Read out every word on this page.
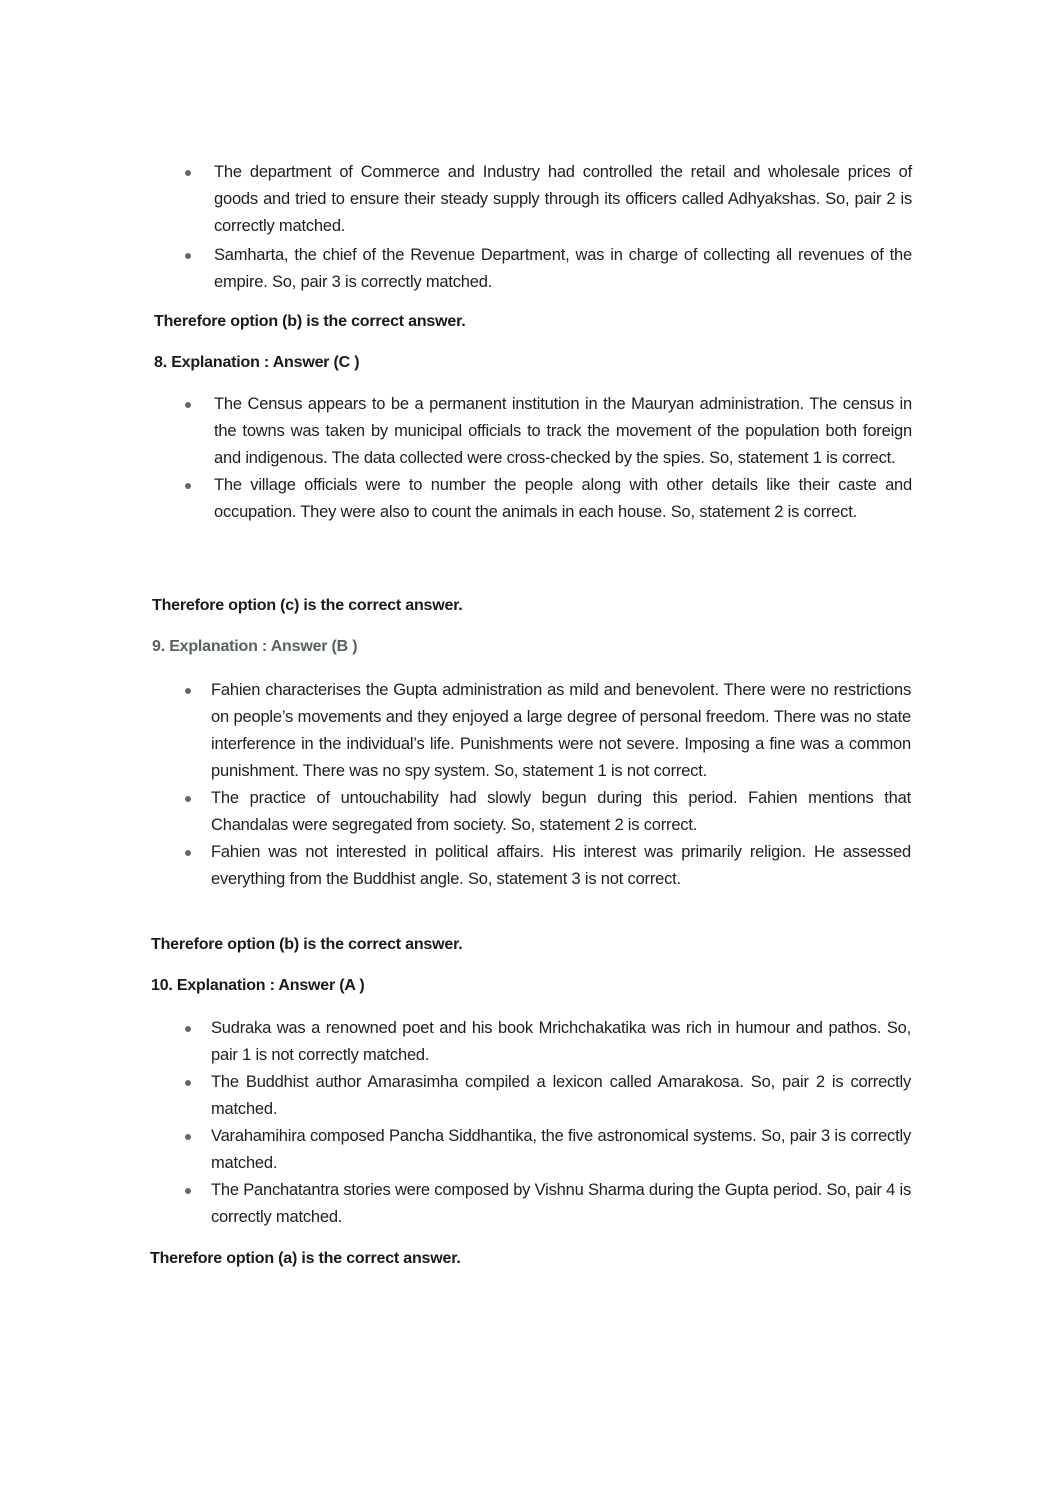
The department of Commerce and Industry had controlled the retail and wholesale prices of goods and tried to ensure their steady supply through its officers called Adhyakshas. So, pair 2 is correctly matched.
Samharta, the chief of the Revenue Department, was in charge of collecting all revenues of the empire. So, pair 3 is correctly matched.
Therefore option (b) is the correct answer.
8. Explanation : Answer (C )
The Census appears to be a permanent institution in the Mauryan administration. The census in the towns was taken by municipal officials to track the movement of the population both foreign and indigenous. The data collected were cross-checked by the spies. So, statement 1 is correct.
The village officials were to number the people along with other details like their caste and occupation. They were also to count the animals in each house. So, statement 2 is correct.
Therefore option (c) is the correct answer.
9. Explanation : Answer (B )
Fahien characterises the Gupta administration as mild and benevolent. There were no restrictions on people’s movements and they enjoyed a large degree of personal freedom. There was no state interference in the individual’s life. Punishments were not severe. Imposing a fine was a common punishment. There was no spy system. So, statement 1 is not correct.
The practice of untouchability had slowly begun during this period. Fahien mentions that Chandalas were segregated from society. So, statement 2 is correct.
Fahien was not interested in political affairs. His interest was primarily religion. He assessed everything from the Buddhist angle. So, statement 3 is not correct.
Therefore option (b) is the correct answer.
10. Explanation : Answer (A )
Sudraka was a renowned poet and his book Mrichchakatika was rich in humour and pathos. So, pair 1 is not correctly matched.
The Buddhist author Amarasimha compiled a lexicon called Amarakosa. So, pair 2 is correctly matched.
Varahamihira composed Pancha Siddhantika, the five astronomical systems. So, pair 3 is correctly matched.
The Panchatantra stories were composed by Vishnu Sharma during the Gupta period. So, pair 4 is correctly matched.
Therefore option (a) is the correct answer.
